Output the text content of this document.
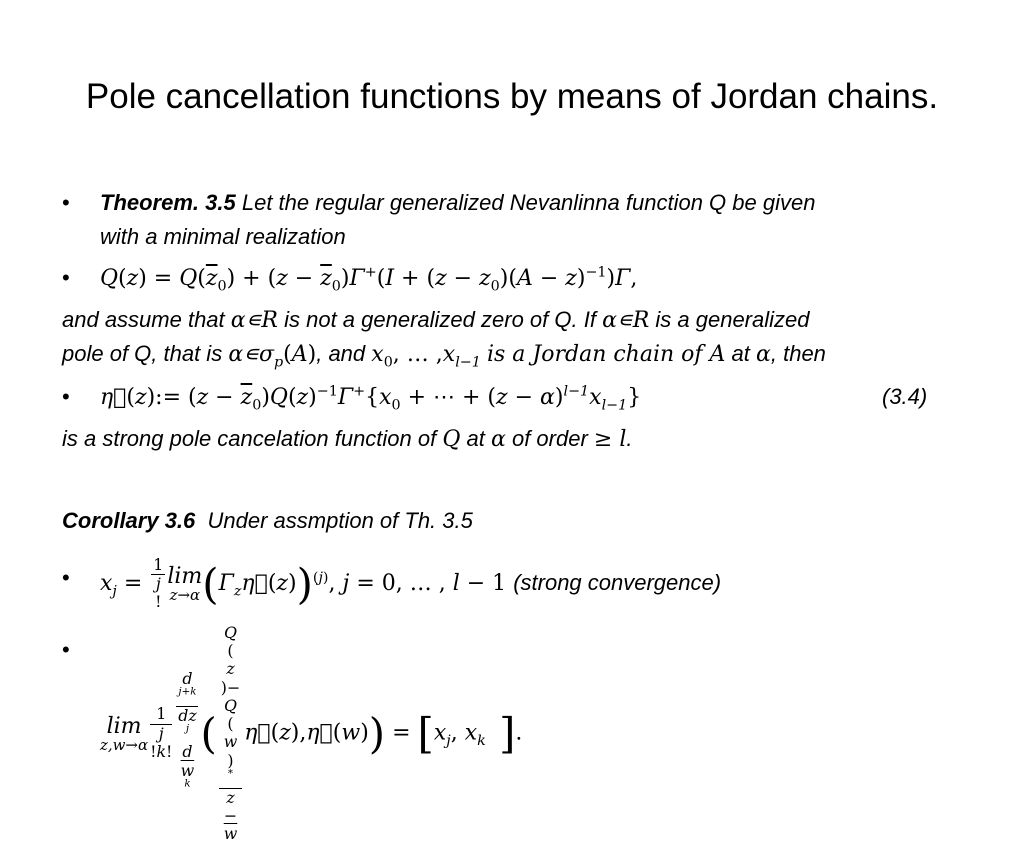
Pole cancellation functions by means of Jordan chains.
• Theorem. 3.5 Let the regular generalized Nevanlinna function Q be given
with a minimal realization
• $Q(z) = Q(\overline{z}_0) + (z - \overline{z}_0)\Gamma^+(I + (z - z_0)(A - z)^{-1})\Gamma$,
and assume that α∊R is not a generalized zero of Q. If α∊R is a generalized
pole of Q, that is $\alpha∊\sigma_p(A)$, and $x_0$, … $,x_{l-1}$ is a Jordan chain of A at α, then
• η⃗(z):= $(z - \overline{z}_0)Q(z)^{-1}\Gamma^+\{x_0$ + ⋯ + $(z - \alpha)^{l-1}x_{l-1}$}	(3.4)
is a strong pole cancelation function of Q at α of order ≥ l.
Corollary 3.6 Under assmption of Th. 3.5
• $x_j$ =
1
j
!lim
z→α $(\Gamma_z\eta⃗(z))^{(j)}$, j = 0, … , l − 1 (strong convergence)
•
lim
z,w→α
1
j
!k! d
$^{j+k}$
dz
$^j$
d
$\overline{w}$
$^k$ ( Q
(
z
)−
Q
(
w
)
*
z
−
$\overline{w}$ η⃗(z),η⃗(w)) = [$x_j$, $x_k$ ].
